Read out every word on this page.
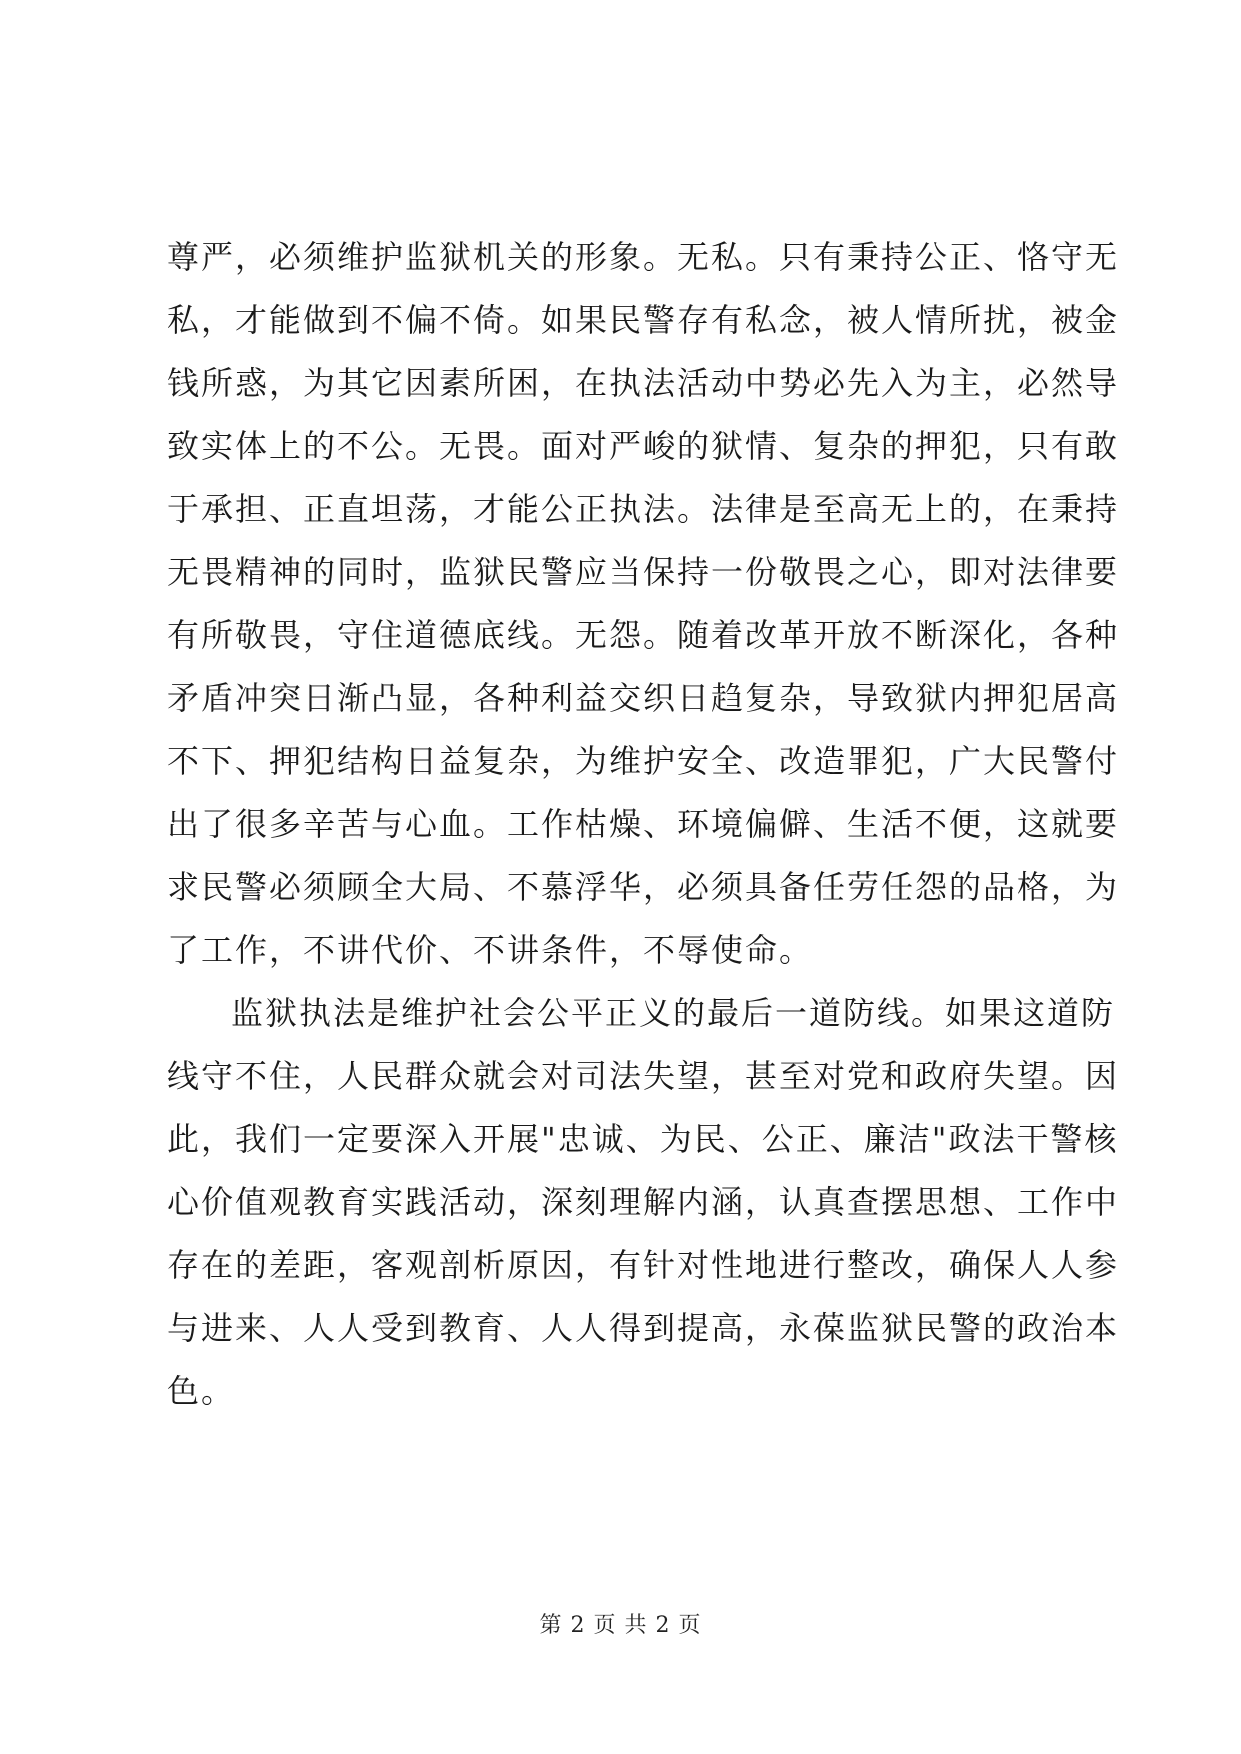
尊严，必须维护监狱机关的形象。无私。只有秉持公正、恪守无
私，才能做到不偏不倚。如果民警存有私念，被人情所扰，被金
钱所惑，为其它因素所困，在执法活动中势必先入为主，必然导
致实体上的不公。无畏。面对严峻的狱情、复杂的押犯，只有敢
于承担、正直坦荡，才能公正执法。法律是至高无上的，在秉持
无畏精神的同时，监狱民警应当保持一份敬畏之心，即对法律要
有所敬畏，守住道德底线。无怨。随着改革开放不断深化，各种
矛盾冲突日渐凸显，各种利益交织日趋复杂，导致狱内押犯居高
不下、押犯结构日益复杂，为维护安全、改造罪犯，广大民警付
出了很多辛苦与心血。工作枯燥、环境偏僻、生活不便，这就要
求民警必须顾全大局、不慕浮华，必须具备任劳任怨的品格，为
了工作，不讲代价、不讲条件，不辱使命。
监狱执法是维护社会公平正义的最后一道防线。如果这道防
线守不住，人民群众就会对司法失望，甚至对党和政府失望。因
此，我们一定要深入开展"忠诚、为民、公正、廉洁"政法干警核
心价值观教育实践活动，深刻理解内涵，认真查摆思想、工作中
存在的差距，客观剖析原因，有针对性地进行整改，确保人人参
与进来、人人受到教育、人人得到提高，永葆监狱民警的政治本
色。
第 2 页 共 2 页
